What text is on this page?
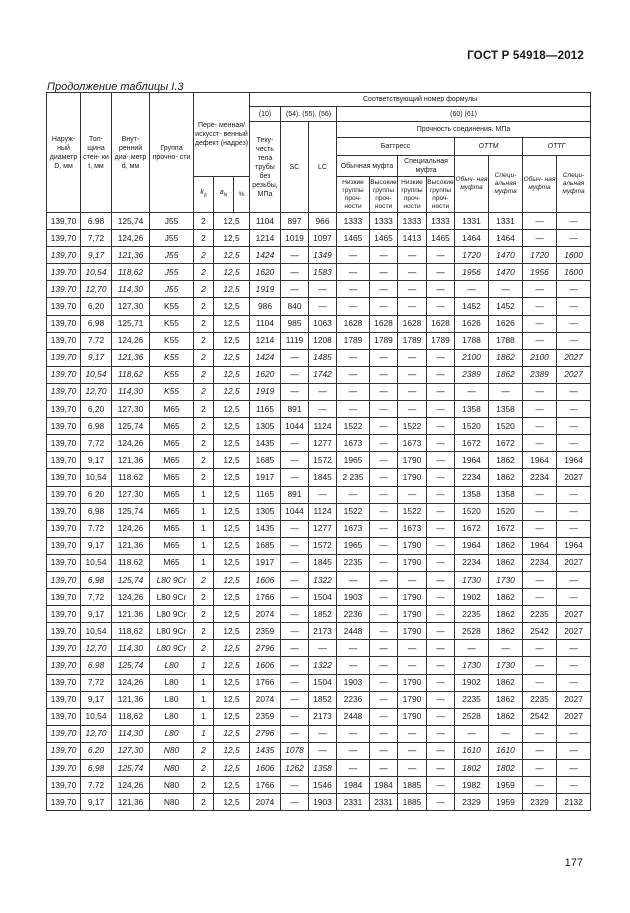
ГОСТ Р 54918—2012
Продолжение таблицы I.3
Наруж- ный диаметр D, мм	Тол- щина стен- ки t, мм	Внут- ренний диа- метр d, мм	Группа прочно- сти	Пере- менная/ искусст- венный дефект (надрез)			Соответствующий номер формулы										
							(10)	(54). (55). (56)		(60) (61)							
							Теку- честь тела трубы без резьбы, МПа	SC	LC	Прочность соединения. МПа							
										Баттресс				ОТТМ		ОТТГ	
										Обычная муфта		Специальная муфта		Обыч- ная муфта	Специ- альная муфта	Обыч- ная муфта	Специ- альная муфта
				$k_a$	$a_N$	%				Низкие группы проч- ности	Высокие группы проч- ности	Низкие группы проч- ности	Высокие группы проч- ности				
139,70	6.98	125,74	J55	2	12,5		1104	897	966	1333	1333	1333	1333	1331	1331	—	—
139,70	7,72	124,26	J55	2	12,5		1214	1019	1097	1465	1465	1413	1465	1464	1464	—	—
139,70	9,17	121,36	J55	2	12,5		1424	—	1349	—	—	—	—	1720	1470	1720	1600
139.70	10,54	118,62	J55	2	12,5		1620	—	1583	—	—	—	—	1956	1470	1956	1600
139.70	12,70	114,30	J55	2	12,5		1919	—	—	—	—	—	—	—	—	—	—
139,70	6,20	127,30	K55	2	12,5		986	840	—	—	—	—	—	1452	1452	—	—
139,70	6,98	125,71	K55	2	12,5		1104	985	1063	1628	1628	1628	1628	1626	1626	—	—
139,70	7.72	124,26	K55	2	12,5		1214	1119	1208	1789	1789	1789	1789	1788	1788	—	—
139,70	9,17	121,36	K55	2	12,5		1424	—	1485	—	—	—	—	2100	1862	2100	2027
139.70	10,54	118,62	K55	2	12,5		1620	—	1742	—	—	—	—	2389	1862	2389	2027
139,70	12,70	114,30	K55	2	12,5		1919	—	—	—	—	—	—	—	—	—	—
139,70	6,20	127,30	M65	2	12,5		1165	891	—	—	—	—	—	1358	1358	—	—
139,70	6.98	125,74	M65	2	12,5		1305	1044	1124	1522	—	1522	—	1520	1520	—	—
139,70	7,72	124,26	M65	2	12,5		1435	—	1277	1673	—	1673	—	1672	1672	—	—
139,70	9,17	121,36	M65	2	12,5		1685	—	1572	1965	—	1790	—	1964	1862	1964	1964
139,70	10,54	118.62	M65	2	12,5		1917	—	1845	2 235	—	1790	—	2234	1862	2234	2027
139.70	6 20	127.30	M65	1	12,5		1165	891	—	—	—	—	—	1358	1358	—	—
139,70	6,98	125,74	M65	1	12,5		1305	1044	1124	1522	—	1522	—	1520	1520	—	—
139,70	7.72	124,26	M65	1	12,5		1435	—	1277	1673	—	1673	—	1672	1672	—	—
139,70	9,17	121,36	M65	1	12,5		1685	—	1572	1965	—	1790	—	1964	1862	1964	1964
139,70	10,54	118.62	M65	1	12,5		1917	—	1845	2235	—	1790	—	2234	1862	2234	2027
139,70	6,98	125,74	L80 9Cr	2	12,5		1606	—	1322	—	—	—	—	1730	1730	—	—
139,70	7,72	124,26	L80 9Cr	2	12,5		1766	—	1504	1903	—	1790	—	1902	1862	—	—
139,70	9,17	121.36	L80 9Cr	2	12,5		2074	—	1852	2236	—	1790	—	2235	1862	2235	2027
139,70	10,54	118,62	L80 9Cr	2	12,5		2359	—	2173	2448	—	1790	—	2528	1862	2542	2027
139,70	12,70	114,30	L80 9Cr	2	12,5		2796	—	—	—	—	—	—	—	—	—	—
139,70	6.98	125,74	L80	1	12,5		1606	—	1322	—	—	—	—	1730	1730	—	—
139,70	7,72	124,26	L80	1	12,5		1766	—	1504	1903	—	1790	—	1902	1862	—	—
139,70	9,17	121,36	L80	1	12,5		2074	—	1852	2236	—	1790	—	2235	1862	2235	2027
139,70	10,54	118,62	L80	1	12,5		2359	—	2173	2448	—	1790	—	2528	1862	2542	2027
139,70	12,70	114,30	L80	1	12,5		2796	—	—	—	—	—	—	—	—	—	—
139,70	6.20	127,30	N80	2	12,5		1435	1078	—	—	—	—	—	1610	1610	—	—
139.70	6,98	125,74	N80	2	12,5		1606	1262	1358	—	—	—	—	1802	1802	—	—
139,70	7.72	124,26	N80	2	12,5		1766	—	1546	1984	1984	1885	—	1982	1959	—	—
139,70	9,17	121,36	N80	2	12,5		2074	—	1903	2331	2331	1885	—	2329	1959	2329	2132
177
